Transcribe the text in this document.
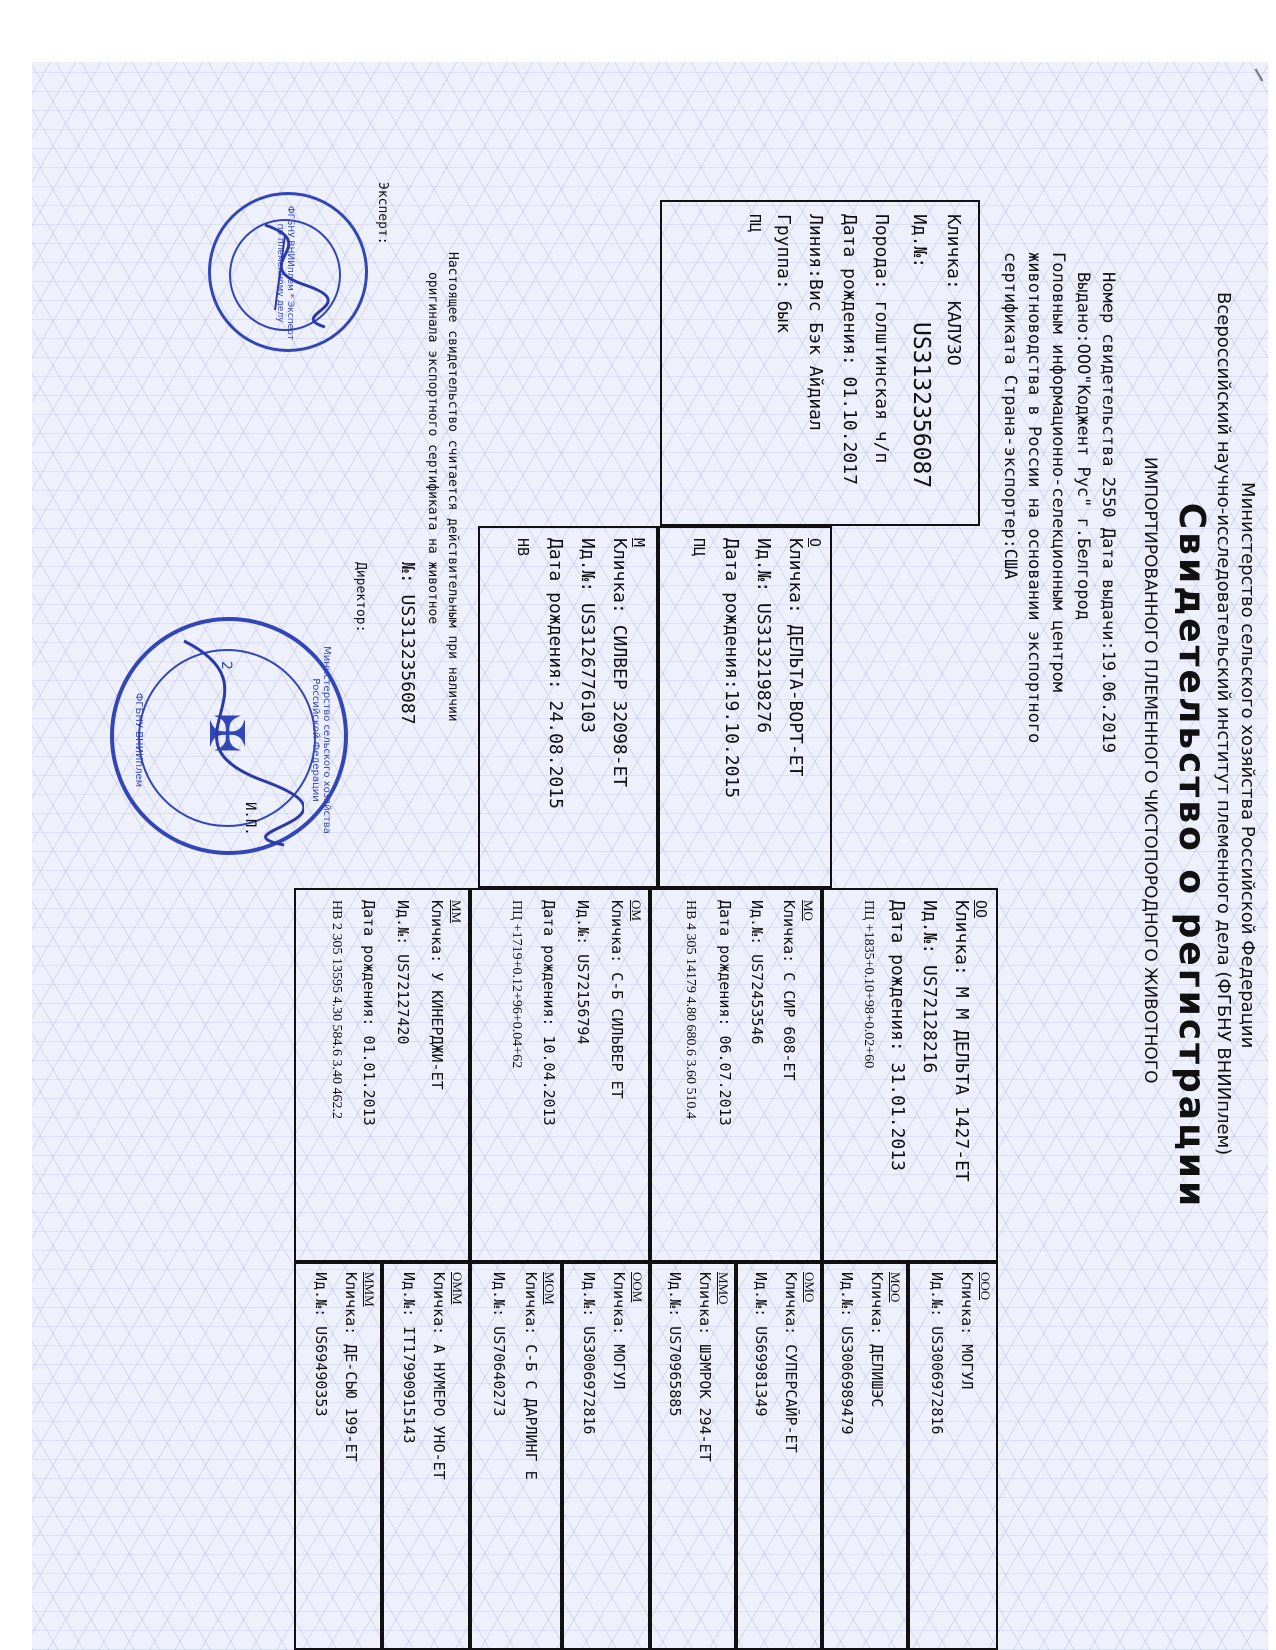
Министерство сельского хозяйства Российской Федерации
Всероссийский научно-исследовательский институт племенного дела (ФГБНУ ВНИИплем)
Свидетельство о регистрации
ИМПОРТИРОВАННОГО ПЛЕМЕННОГО ЧИСТОПОРОДНОГО ЖИВОТНОГО
Номер свидетельства 2550 Дата выдачи:19.06.2019
Выдано:ООО"Коджент Рус" г.Белгород
Головным информационно-селекционным центром
животноводства в России на основании экспортного
сертификата Страна-экспортер:США
Кличка: КАЛУЗО
Ид.№:
US3132356087
Порода: голштинская ч/п
Дата рождения: 01.10.2017
Линия:Вис Бэк Айдиал
Группа: бык
ПЦ
О
Кличка: ДЕЛЬТА-ВОРТ-ЕТ
Ид.№: US3132198276
Дата рождения:19.10.2015
ПЦ
М
Кличка: СИЛВЕР 32098-ЕТ
Ид.№: US3126776103
Дата рождения: 24.08.2015
НВ
ОО
Кличка: М М ДЕЛЬТА 1427-ЕТ
Ид.№: US72128216
Дата рождения: 31.01.2013
ПЦ +1835+0.10+98+0.02+60
МО
Кличка: С СИР 608-ЕТ
Ид.№: US72453546
Дата рождения: 06.07.2013
НВ 4 305 14179 4.80 680.6 3.60 510.4
ОМ
Кличка: С-Б СИЛЬВЕР ЕТ
Ид.№: US72156794
Дата рождения: 10.04.2013
ПЦ +1719+0.12+96+0.04+62
ММ
Кличка: У КИНЕРДЖИ-ЕТ
Ид.№: US72127420
Дата рождения: 01.01.2013
НВ 2 305 13595 4.30 584.6 3.40 462.2
ООО
Кличка: МОГУЛ
Ид.№: US3006972816
МОО
Кличка: ДЕЛИШЭС
Ид.№: US3006989479
ОМО
Кличка: СУПЕРСАЙР-ЕТ
Ид.№: US69981349
ММО
Кличка: ШЭМРОК 294-ЕТ
Ид.№: US70965885
ООМ
Кличка: МОГУЛ
Ид.№: US3006972816
МОМ
Кличка: С-Б С ДАРЛИНГ Е
Ид.№: US70640273
ОММ
Кличка: А НУМЕРО УНО-ЕТ
Ид.№: IT17990915143
МММ
Кличка: ДЕ-СЬЮ 199-ЕТ
Ид.№: US69490353
Настоящее свидетельство считается действительным при наличии
оригинала экспортного сертификата на животное
№: US3132356087
Эксперт:
Директор:
ФГБНУ ВНИИплем * Эксперт по племенному делу
Министерство сельского хозяйства Российской Федерации
ФГБНУ ВНИИплем ✠
2
И.П.
